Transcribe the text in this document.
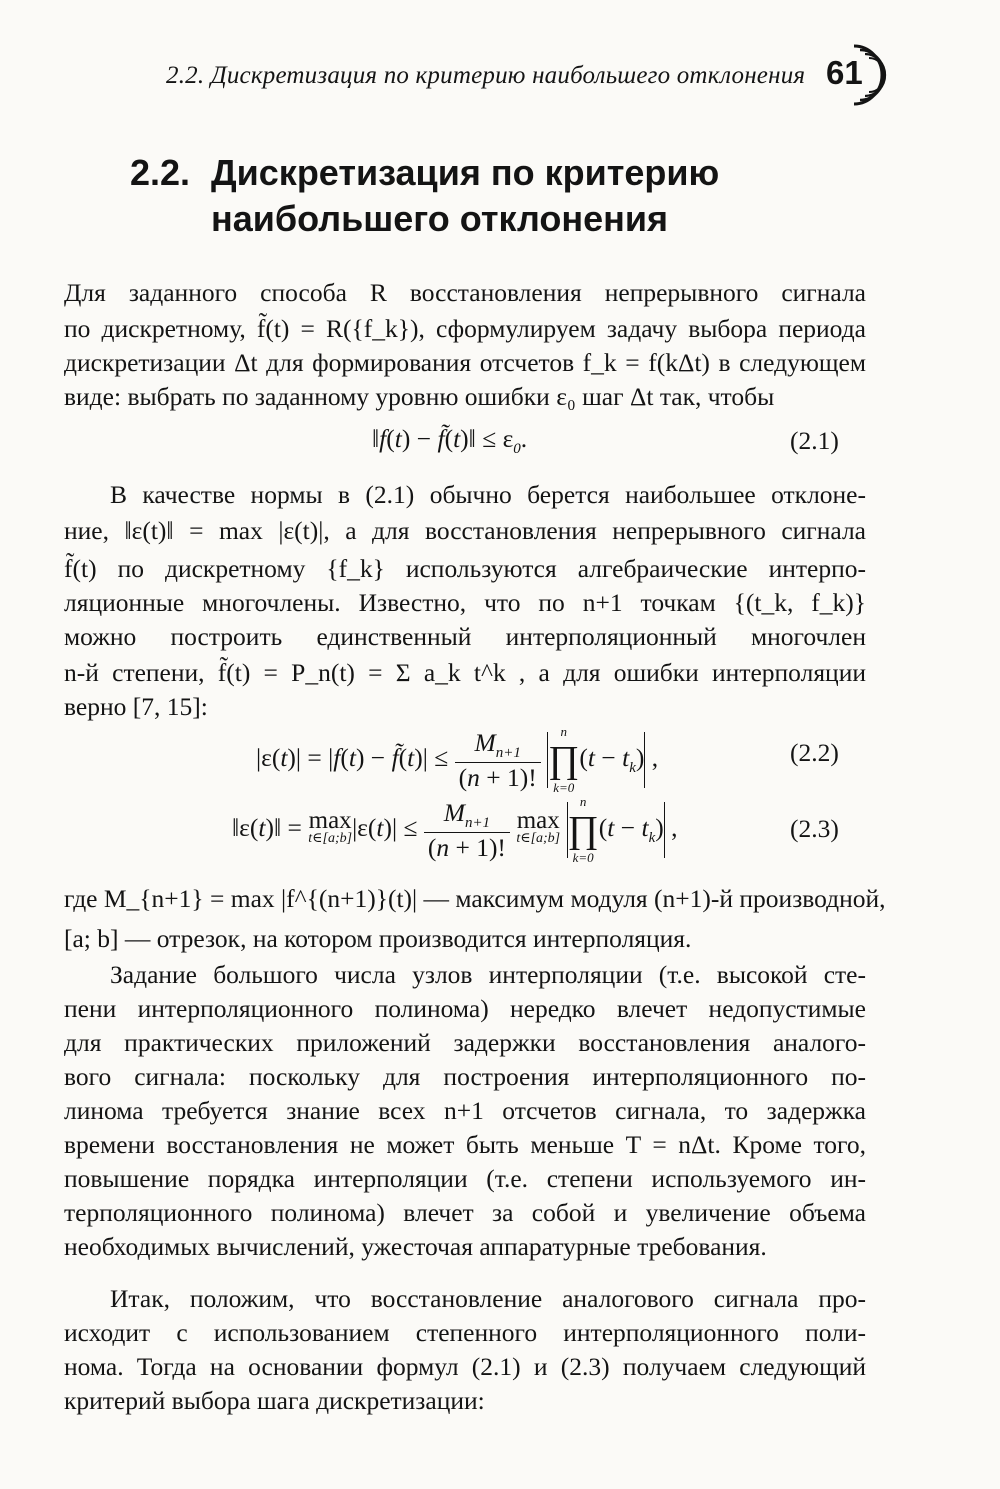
2.2. Дискретизация по критерию наибольшего отклонения 61
2.2. Дискретизация по критерию
наибольшего отклонения
Для заданного способа R восстановления непрерывного сигнала
по дискретному, f̃(t) = R({f_k}), сформулируем задачу выбора периода
дискретизации Δt для формирования отсчетов f_k = f(kΔt) в следующем
виде: выбрать по заданному уровню ошибки ε₀ шаг Δt так, чтобы
‖f(t) − f̃(t)‖ ≤ $\varepsilon_0$.	(2.1)
В качестве нормы в (2.1) обычно берется наибольшее отклоне-
ние, ‖ε(t)‖ = max |ε(t)|, а для восстановления непрерывного сигнала
f̃(t) по дискретному {f_k} используются алгебраические интерпо-
ляционные многочлены. Известно, что по n+1 точкам {(t_k, f_k)}
можно построить единственный интерполяционный многочлен
n-й степени, f̃(t) = P_n(t) = Σ a_k t^k , а для ошибки интерполяции
верно [7, 15]:
|ε(t)| = |f(t) − f̃(t)| ≤ $\frac{M_{n+1}}{(n + 1)!}$
	n
∏
k=0
$(t - t_k)$ ,	(2.2)
‖ε(t)‖ = max
t∈[a;b] $|\varepsilon(t)| \le \frac{M_{n+1}}{(n + 1)!}$
max
t∈[a;b]

n
∏
k=0
$(t - t_k)$ ,	(2.3)
где M_{n+1} = max |f^{(n+1)}(t)| — максимум модуля (n+1)-й производной,
[a; b] — отрезок, на котором производится интерполяция.
Задание большого числа узлов интерполяции (т.е. высокой сте-
пени интерполяционного полинома) нередко влечет недопустимые
для практических приложений задержки восстановления аналого-
вого сигнала: поскольку для построения интерполяционного по-
линома требуется знание всех n+1 отсчетов сигнала, то задержка
времени восстановления не может быть меньше T = nΔt. Кроме того,
повышение порядка интерполяции (т.е. степени используемого ин-
терполяционного полинома) влечет за собой и увеличение объема
необходимых вычислений, ужесточая аппаратурные требования.
Итак, положим, что восстановление аналогового сигнала про-
исходит с использованием степенного интерполяционного поли-
нома. Тогда на основании формул (2.1) и (2.3) получаем следующий
критерий выбора шага дискретизации:
